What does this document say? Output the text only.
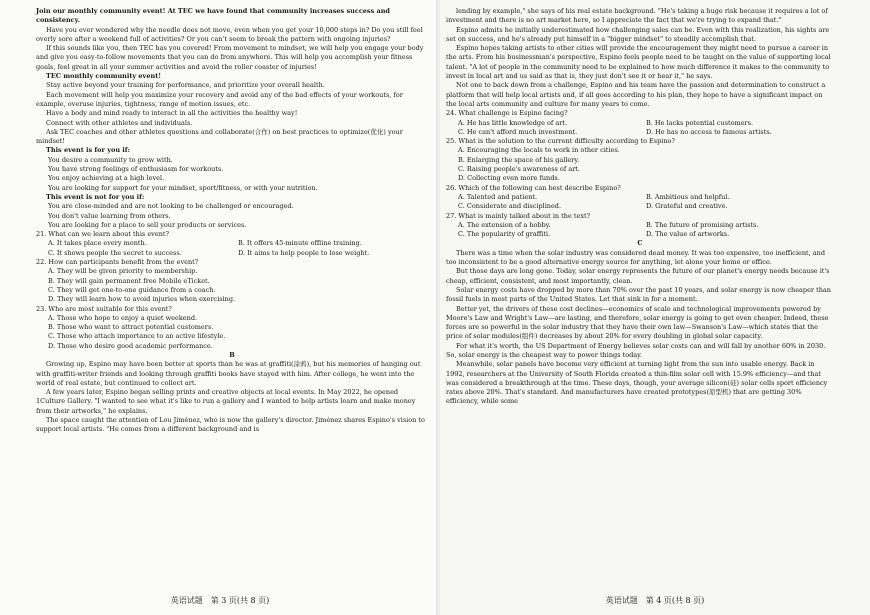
Join our monthly community event! At TEC we have found that community increases success and consistency.

Have you ever wondered why the needle does not move, even when you get your 10,000 steps in? Do you still feel overly sore after a weekend full of activities? Or you can't seem to break the pattern with ongoing injuries?

If this sounds like you, then TEC has you covered! From movement to mindset, we will help you engage your body and give you easy-to-follow movements that you can do from anywhere. This will help you accomplish your fitness goals, feel great in all your summer activities and avoid the roller coaster of injuries!

TEC monthly community event!

Stay active beyond your training for performance, and prioritize your overall health.

Each movement will help you maximize your recovery and avoid any of the bad effects of your workouts, for example, overuse injuries, tightness, range of motion issues, etc.

Have a body and mind ready to interact in all the activities the healthy way!

Connect with other athletes and individuals.

Ask TEC coaches and other athletes questions and collaborate(合作) on best practices to optimize(优化) your mindset!

This event is for you if:

You desire a community to grow with.

You have strong feelings of enthusiasm for workouts.

You enjoy achieving at a high level.

You are looking for support for your mindset, sport/fitness, or with your nutrition.

This event is not for you if:

You are close-minded and are not looking to be challenged or encouraged.

You don't value learning from others.

You are looking for a place to sell your products or services.

21. What can we learn about this event?

A. It takes place every month.	B. It offers 45-minute offline training.
C. It shows people the secret to success.	D. It aims to help people to lose weight.

22. How can participants benefit from the event?

A. They will be given priority to membership.
B. They will gain permanent free Mobile eTicket.
C. They will get one-to-one guidance from a coach.
D. They will learn how to avoid injuries when exercising.

23. Who are most suitable for this event?

A. Those who hope to enjoy a quiet weekend.
B. Those who want to attract potential customers.
C. Those who attach importance to an active lifestyle.
D. Those who desire good academic performance.

B

Growing up, Espino may have been better at sports than he was at graffiti(涂鸦), but his memories of hanging out with graffiti-writer friends and looking through graffiti books have stayed with him. After college, he went into the world of real estate, but continued to collect art.

A few years later, Espino began selling prints and creative objects at local events. In May 2022, he opened 1Culture Gallery. "I wanted to see what it's like to run a gallery and I wanted to help artists learn and make money from their artworks," he explains.

The space caught the attention of Lou Jiménez, who is now the gallery's director. Jiménez shares Espino's vision to support local artists. "He comes from a different background and is

英语试题　第 3 页(共 8 页)

lending by example," she says of his real estate background. "He's taking a huge risk because it requires a lot of investment and there is no art market here, so I appreciate the fact that we're trying to expand that."

Espino admits he initially underestimated how challenging sales can be. Even with this realization, his sights are set on success, and he's already put himself in a "bigger mindset" to steadily accomplish that.

Espino hopes taking artists to other cities will provide the encouragement they might need to pursue a career in the arts. From his businessman's perspective, Espino feels people need to be taught on the value of supporting local talent. "A lot of people in the community need to be explained to how much difference it makes to the community to invest in local art and us said as that is, they just don't see it or hear it," he says.

Not one to back down from a challenge, Espino and his team have the passion and determination to construct a platform that will help local artists and, if all goes according to his plan, they hope to have a significant impact on the local arts community and culture for many years to come.

24. What challenge is Espino facing?

A. He has little knowledge of art.	B. He lacks potential customers.
C. He can't afford much investment.	D. He has no access to famous artists.

25. What is the solution to the current difficulty according to Espino?

A. Encouraging the locals to work in other cities.
B. Enlarging the space of his gallery.
C. Raising people's awareness of art.
D. Collecting even more funds.

26. Which of the following can best describe Espino?

A. Talented and patient.	B. Ambitious and helpful.
C. Considerate and disciplined.	D. Grateful and creative.

27. What is mainly talked about in the text?

A. The extension of a hobby.	B. The future of promising artists.
C. The popularity of graffiti.	D. The value of artworks.

C

There was a time when the solar industry was considered dead money. It was too expensive, too inefficient, and too inconsistent to be a good alternative energy source for anything, let alone your home or office.

But those days are long gone. Today, solar energy represents the future of our planet's energy needs because it's cheap, efficient, consistent, and most importantly, clean.

Solar energy costs have dropped by more than 70% over the past 10 years, and solar energy is now cheaper than fossil fuels in most parts of the United States. Let that sink in for a moment.

Better yet, the drivers of these cost declines—economics of scale and technological improvements powered by Moore's Law and Wright's Law—are lasting, and therefore, solar energy is going to get even cheaper. Indeed, these forces are so powerful in the solar industry that they have their own law—Swanson's Law—which states that the price of solar modules(组件) decreases by about 20% for every doubling in global solar capacity.

For what it's worth, the US Department of Energy believes solar costs can and will fall by another 60% in 2030. So, solar energy is the cheapest way to power things today.

Meanwhile, solar panels have become very efficient at turning light from the sun into usable energy. Back in 1992, researchers at the University of South Florida created a thin-film solar cell with 15.9% efficiency—and that was considered a breakthrough at the time. These days, though, your average silicon(硅) solar cells sport efficiency rates above 20%. That's standard. And manufacturers have created prototypes(原型机) that are getting 30% efficiency, while some

英语试题　第 4 页(共 8 页)
